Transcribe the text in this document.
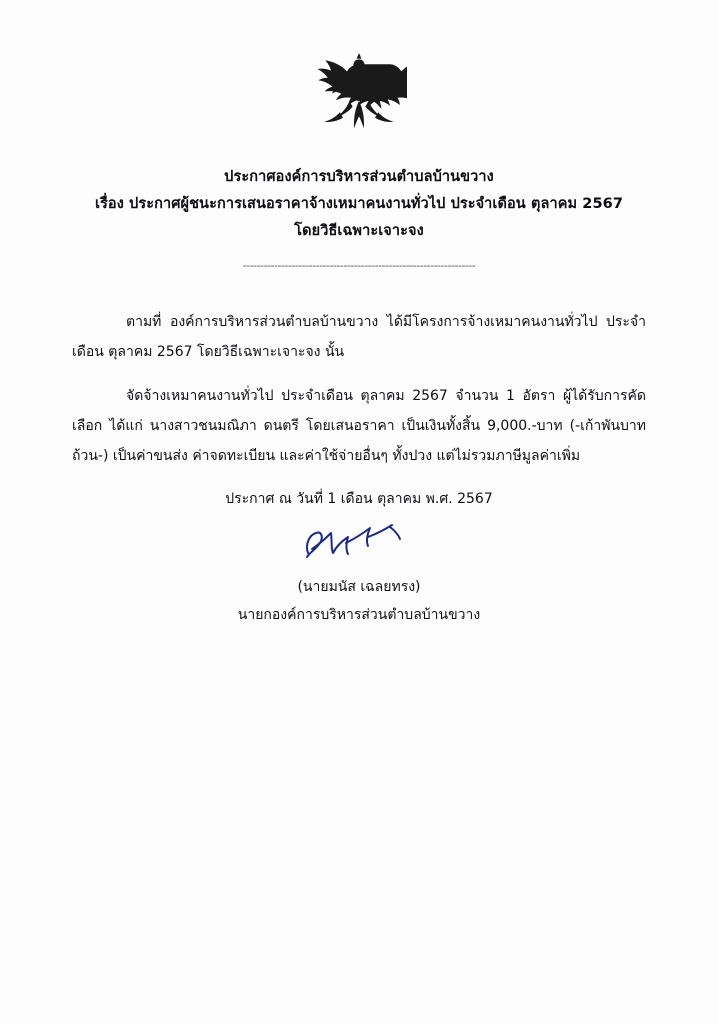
ประกาศองค์การบริหารส่วนตำบลบ้านขวาง
เรื่อง ประกาศผู้ชนะการเสนอราคาจ้างเหมาคนงานทั่วไป ประจำเดือน ตุลาคม 2567
โดยวิธีเฉพาะเจาะจง
-------------------------------------------------------------------

ตามที่ องค์การบริหารส่วนตำบลบ้านขวาง ได้มีโครงการจ้างเหมาคนงานทั่วไป ประจำเดือน ตุลาคม 2567 โดยวิธีเฉพาะเจาะจง นั้น

จัดจ้างเหมาคนงานทั่วไป ประจำเดือน ตุลาคม 2567 จำนวน 1 อัตรา ผู้ได้รับการคัดเลือก ได้แก่ นางสาวชนมณิภา ดนตรี โดยเสนอราคา เป็นเงินทั้งสิ้น 9,000.-บาท (-เก้าพันบาทถ้วน-) เป็นค่าขนส่ง ค่าจดทะเบียน และค่าใช้จ่ายอื่นๆ ทั้งปวง แต่ไม่รวมภาษีมูลค่าเพิ่ม

ประกาศ ณ วันที่ 1 เดือน ตุลาคม พ.ศ. 2567

(นายมนัส เฉลยทรง)
นายกองค์การบริหารส่วนตำบลบ้านขวาง
